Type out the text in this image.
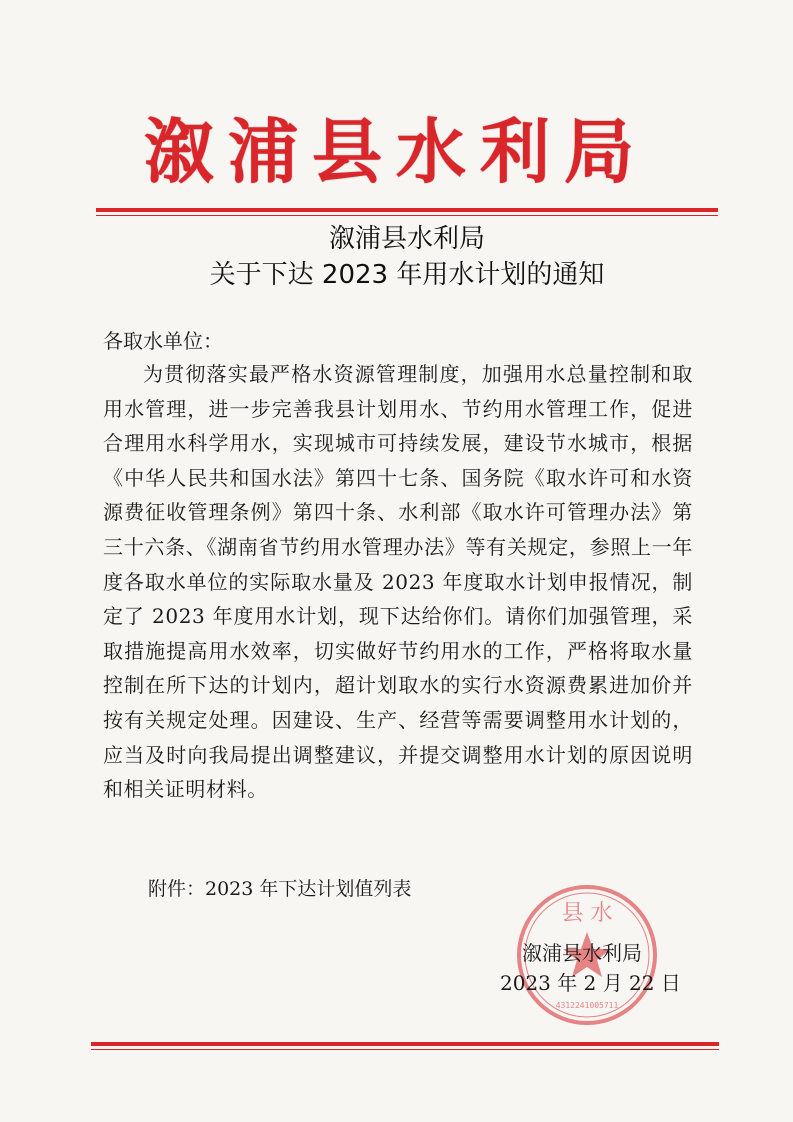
溆浦县水利局
溆浦县水利局
关于下达 2023 年用水计划的通知
各取水单位：
为贯彻落实最严格水资源管理制度，加强用水总量控制和取用水管理，进一步完善我县计划用水、节约用水管理工作，促进合理用水科学用水，实现城市可持续发展，建设节水城市，根据《中华人民共和国水法》第四十七条、国务院《取水许可和水资源费征收管理条例》第四十条、水利部《取水许可管理办法》第三十六条、《湖南省节约用水管理办法》等有关规定，参照上一年度各取水单位的实际取水量及 2023 年度取水计划申报情况，制定了 2023 年度用水计划，现下达给你们。请你们加强管理，采取措施提高用水效率，切实做好节约用水的工作，严格将取水量控制在所下达的计划内，超计划取水的实行水资源费累进加价并按有关规定处理。因建设、生产、经营等需要调整用水计划的，应当及时向我局提出调整建议，并提交调整用水计划的原因说明和相关证明材料。
附件：2023 年下达计划值列表
县 水
4312241005711
溆浦县水利局
2023 年 2 月 22 日
